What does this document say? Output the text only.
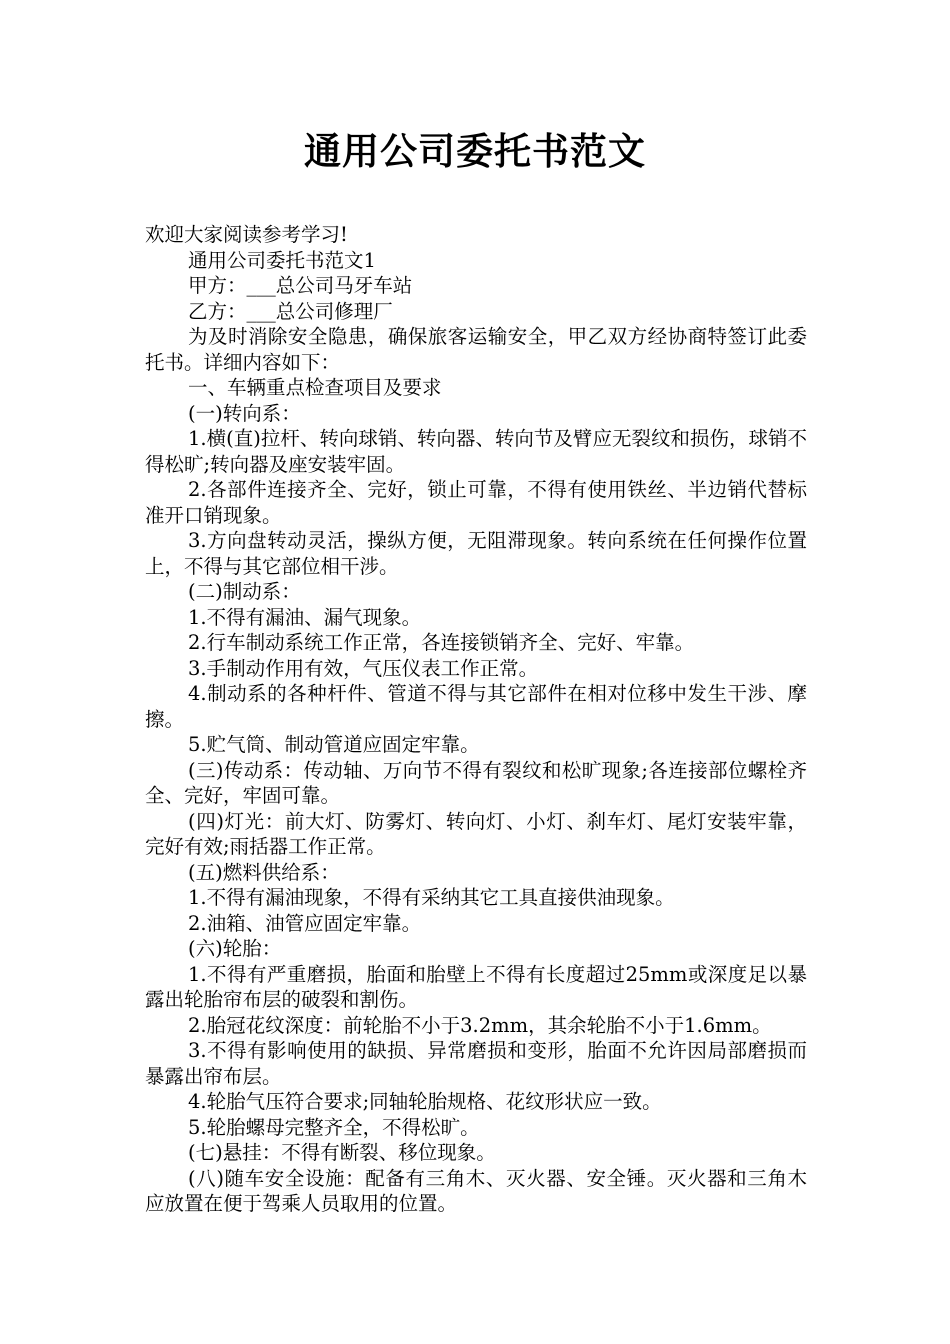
通用公司委托书范文

欢迎大家阅读参考学习!

通用公司委托书范文1

甲方：___总公司马牙车站

乙方：___总公司修理厂

为及时消除安全隐患，确保旅客运输安全，甲乙双方经协商特签订此委托书。详细内容如下：

一、车辆重点检查项目及要求

(一)转向系：

1.横(直)拉杆、转向球销、转向器、转向节及臂应无裂纹和损伤，球销不得松旷;转向器及座安装牢固。

2.各部件连接齐全、完好，锁止可靠，不得有使用铁丝、半边销代替标准开口销现象。

3.方向盘转动灵活，操纵方便，无阻滞现象。转向系统在任何操作位置上，不得与其它部位相干涉。

(二)制动系：

1.不得有漏油、漏气现象。

2.行车制动系统工作正常，各连接锁销齐全、完好、牢靠。

3.手制动作用有效，气压仪表工作正常。

4.制动系的各种杆件、管道不得与其它部件在相对位移中发生干涉、摩擦。

5.贮气筒、制动管道应固定牢靠。

(三)传动系：传动轴、万向节不得有裂纹和松旷现象;各连接部位螺栓齐全、完好，牢固可靠。

(四)灯光：前大灯、防雾灯、转向灯、小灯、刹车灯、尾灯安装牢靠，完好有效;雨括器工作正常。

(五)燃料供给系：

1.不得有漏油现象，不得有采纳其它工具直接供油现象。

2.油箱、油管应固定牢靠。

(六)轮胎：

1.不得有严重磨损，胎面和胎壁上不得有长度超过25mm或深度足以暴露出轮胎帘布层的破裂和割伤。

2.胎冠花纹深度：前轮胎不小于3.2mm，其余轮胎不小于1.6mm。

3.不得有影响使用的缺损、异常磨损和变形，胎面不允许因局部磨损而暴露出帘布层。

4.轮胎气压符合要求;同轴轮胎规格、花纹形状应一致。

5.轮胎螺母完整齐全，不得松旷。

(七)悬挂：不得有断裂、移位现象。

(八)随车安全设施：配备有三角木、灭火器、安全锤。灭火器和三角木应放置在便于驾乘人员取用的位置。
